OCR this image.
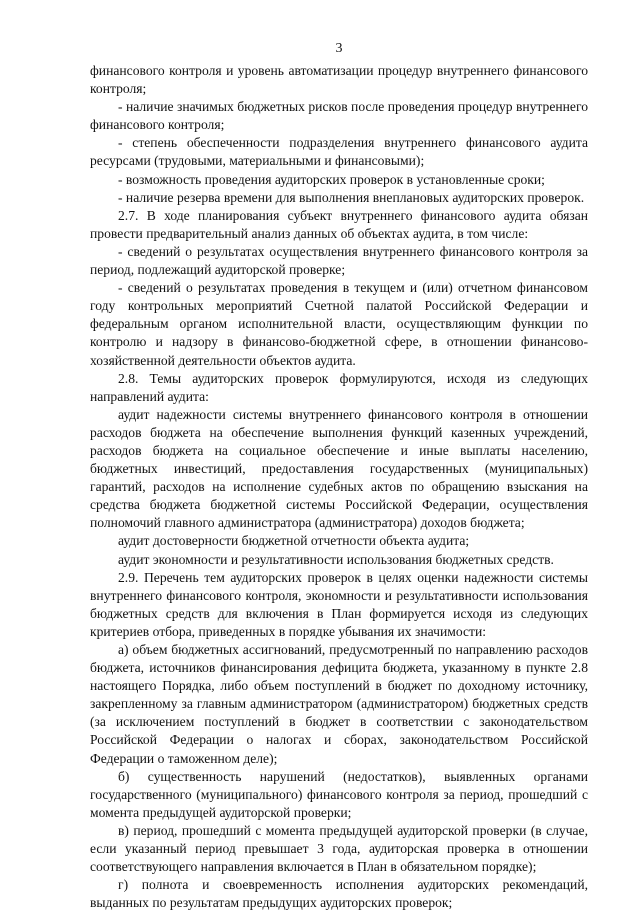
3

финансового контроля и уровень автоматизации процедур внутреннего финансового контроля;

- наличие значимых бюджетных рисков после проведения процедур внутреннего финансового контроля;

- степень обеспеченности подразделения внутреннего финансового аудита ресурсами (трудовыми, материальными и финансовыми);

- возможность проведения аудиторских проверок в установленные сроки;

- наличие резерва времени для выполнения внеплановых аудиторских проверок.

2.7. В ходе планирования субъект внутреннего финансового аудита обязан провести предварительный анализ данных об объектах аудита, в том числе:

- сведений о результатах осуществления внутреннего финансового контроля за период, подлежащий аудиторской проверке;

- сведений о результатах проведения в текущем и (или) отчетном финансовом году контрольных мероприятий Счетной палатой Российской Федерации и федеральным органом исполнительной власти, осуществляющим функции по контролю и надзору в финансово-бюджетной сфере, в отношении финансово-хозяйственной деятельности объектов аудита.

2.8. Темы аудиторских проверок формулируются, исходя из следующих направлений аудита:

аудит надежности системы внутреннего финансового контроля в отношении расходов бюджета на обеспечение выполнения функций казенных учреждений, расходов бюджета на социальное обеспечение и иные выплаты населению, бюджетных инвестиций, предоставления государственных (муниципальных) гарантий, расходов на исполнение судебных актов по обращению взыскания на средства бюджета бюджетной системы Российской Федерации, осуществления полномочий главного администратора (администратора) доходов бюджета;

аудит достоверности бюджетной отчетности объекта аудита;

аудит экономности и результативности использования бюджетных средств.

2.9. Перечень тем аудиторских проверок в целях оценки надежности системы внутреннего финансового контроля, экономности и результативности использования бюджетных средств для включения в План формируется исходя из следующих критериев отбора, приведенных в порядке убывания их значимости:

а) объем бюджетных ассигнований, предусмотренный по направлению расходов бюджета, источников финансирования дефицита бюджета, указанному в пункте 2.8 настоящего Порядка, либо объем поступлений в бюджет по доходному источнику, закрепленному за главным администратором (администратором) бюджетных средств (за исключением поступлений в бюджет в соответствии с законодательством Российской Федерации о налогах и сборах, законодательством Российской Федерации о таможенном деле);

б) существенность нарушений (недостатков), выявленных органами государственного (муниципального) финансового контроля за период, прошедший с момента предыдущей аудиторской проверки;

в) период, прошедший с момента предыдущей аудиторской проверки (в случае, если указанный период превышает 3 года, аудиторская проверка в отношении соответствующего направления включается в План в обязательном порядке);

г) полнота и своевременность исполнения аудиторских рекомендаций, выданных по результатам предыдущих аудиторских проверок;
